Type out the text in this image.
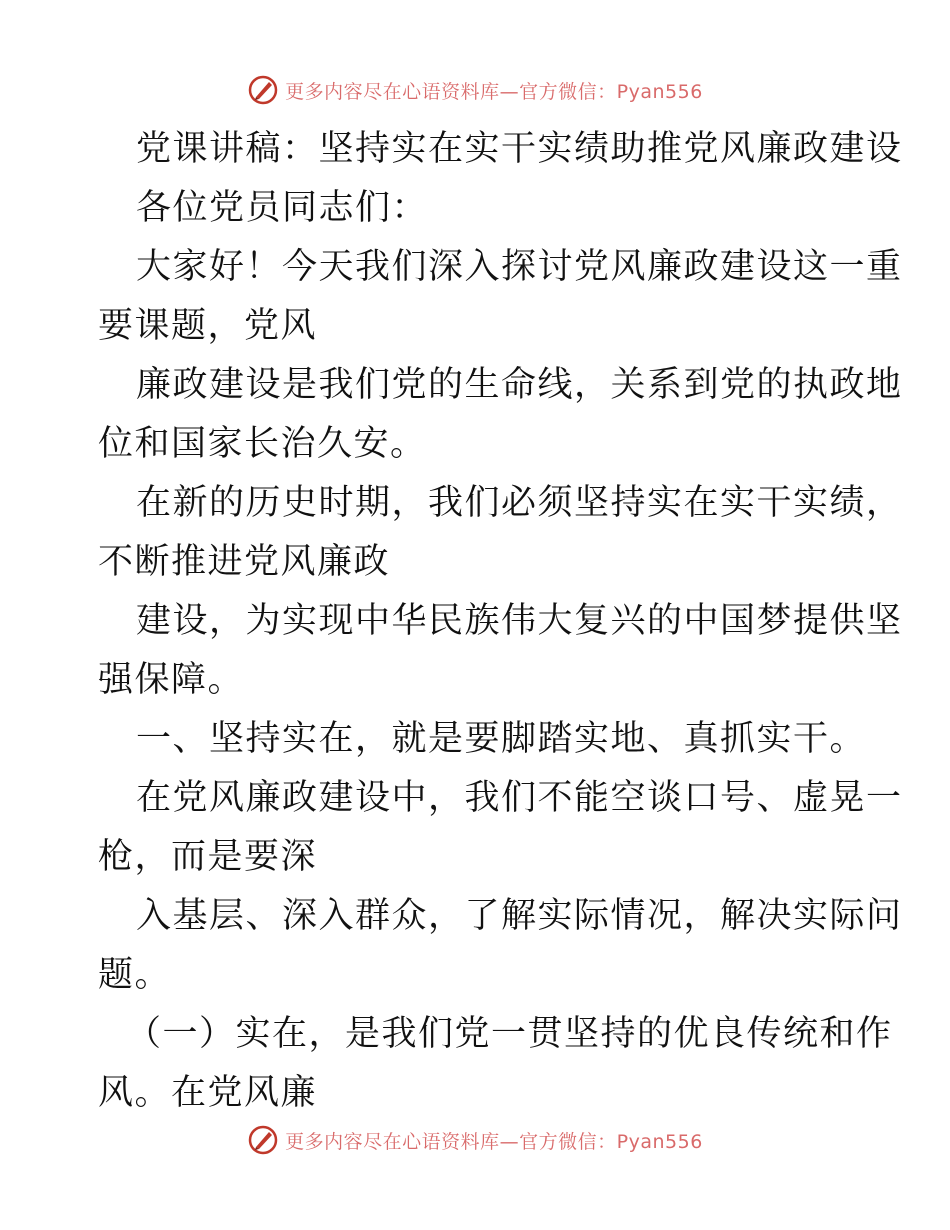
更多内容尽在心语资料库—官方微信：Pyan556

党课讲稿：坚持实在实干实绩助推党风廉政建设

各位党员同志们：

大家好！今天我们深入探讨党风廉政建设这一重

要课题，党风

廉政建设是我们党的生命线，关系到党的执政地

位和国家长治久安。

在新的历史时期，我们必须坚持实在实干实绩，

不断推进党风廉政

建设，为实现中华民族伟大复兴的中国梦提供坚

强保障。

一、坚持实在，就是要脚踏实地、真抓实干。

在党风廉政建设中，我们不能空谈口号、虚晃一

枪，而是要深

入基层、深入群众，了解实际情况，解决实际问

题。

（一）实在，是我们党一贯坚持的优良传统和作

风。在党风廉

更多内容尽在心语资料库—官方微信：Pyan556
